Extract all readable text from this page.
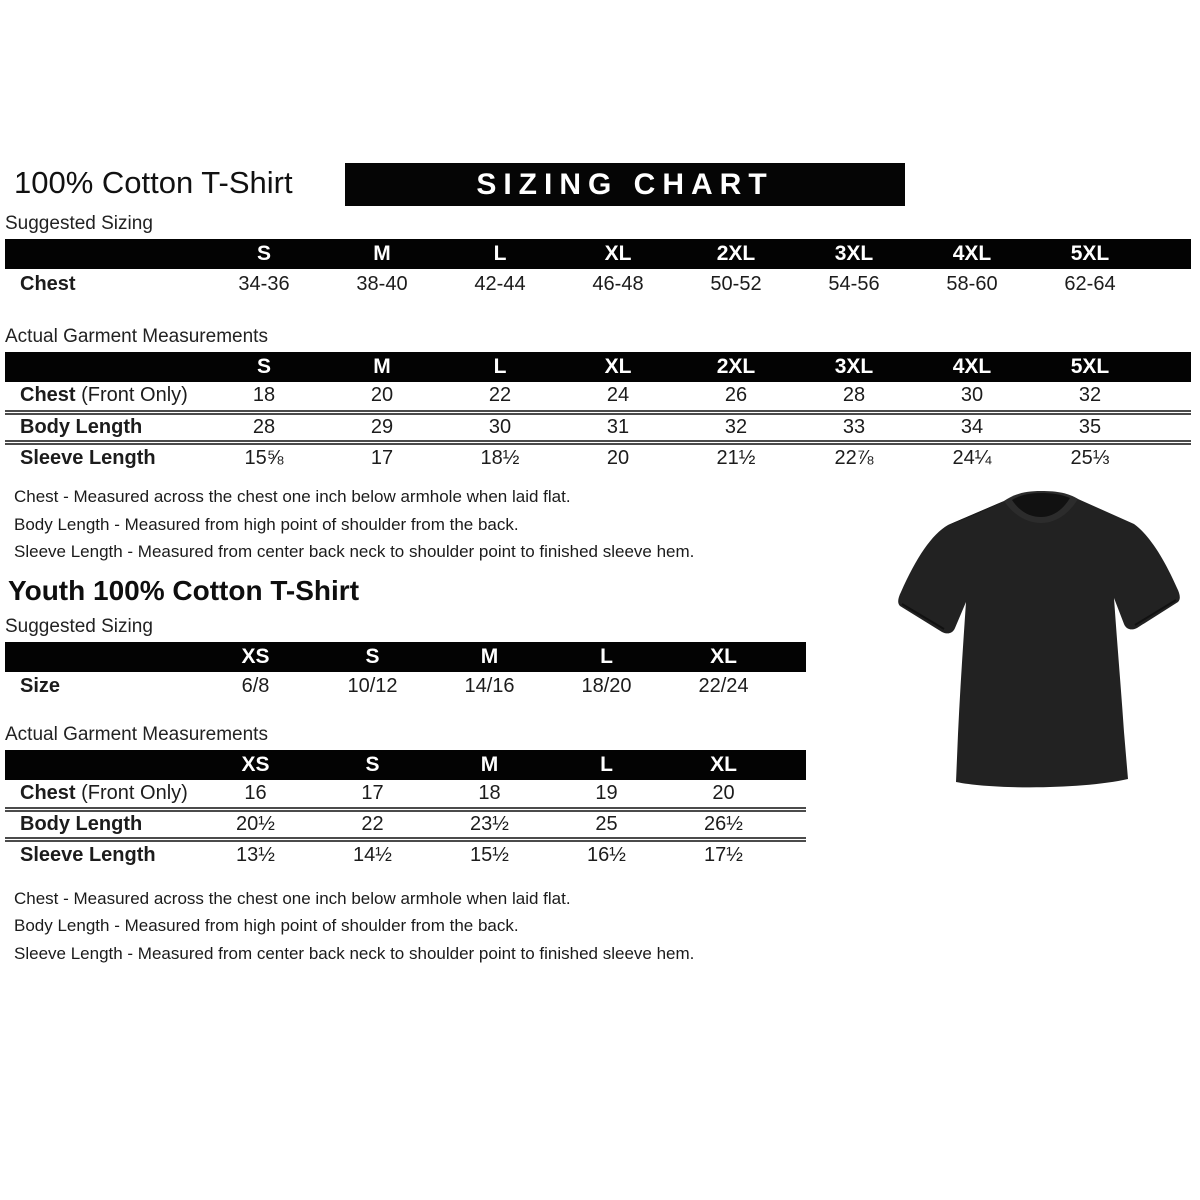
100% Cotton T-Shirt	SIZING CHART
Suggested Sizing
	S	M	L	XL	2XL	3XL	4XL	5XL	
Chest	34-36	38-40	42-44	46-48	50-52	54-56	58-60	62-64	
Actual Garment Measurements
	S	M	L	XL	2XL	3XL	4XL	5XL	
Chest (Front Only)	18	20	22	24	26	28	30	32	
Body Length	28	29	30	31	32	33	34	35	
Sleeve Length	15⅝	17	18½	20	21½	22⅞	24¼	25⅓	

Chest - Measured across the chest one inch below armhole when laid flat.

Body Length - Measured from high point of shoulder from the back.

Sleeve Length - Measured from center back neck to shoulder point to finished sleeve hem.

Youth 100% Cotton T-Shirt
Suggested Sizing
	XS	S	M	L	XL	
Size	6/8	10/12	14/16	18/20	22/24	
Actual Garment Measurements
	XS	S	M	L	XL	
Chest (Front Only)	16	17	18	19	20	
Body Length	20½	22	23½	25	26½	
Sleeve Length	13½	14½	15½	16½	17½	

Chest - Measured across the chest one inch below armhole when laid flat.

Body Length - Measured from high point of shoulder from the back.

Sleeve Length - Measured from center back neck to shoulder point to finished sleeve hem.
